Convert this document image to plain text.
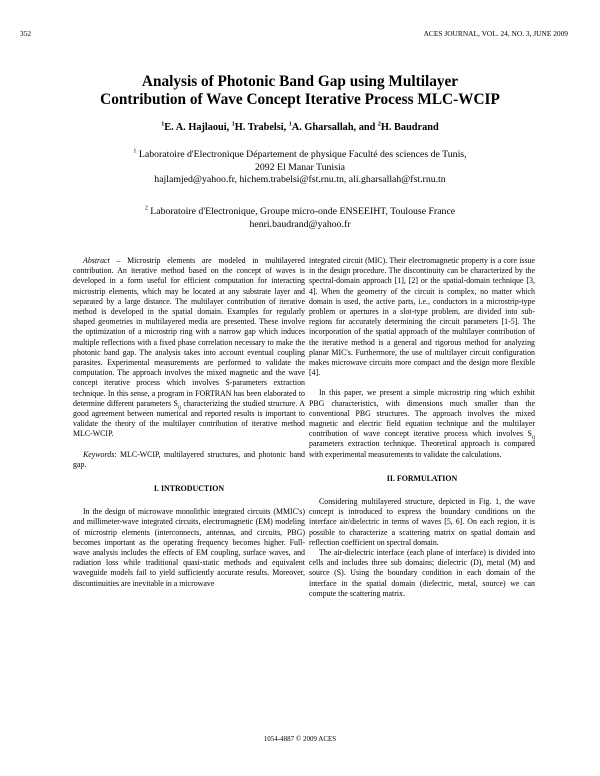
352	ACES JOURNAL, VOL. 24, NO. 3, JUNE 2009
Analysis of Photonic Band Gap using Multilayer
Contribution of Wave Concept Iterative Process MLC-WCIP
$^1$E. A. Hajlaoui, $^1$H. Trabelsi, $^1$A. Gharsallah, and $^2$H. Baudrand
$^1$ Laboratoire d'Electronique Département de physique Faculté des sciences de Tunis,
2092 El Manar Tunisia
hajlamjed@yahoo.fr, hichem.trabelsi@fst.rnu.tn, ali.gharsallah@fst.rnu.tn
$^2$ Laboratoire d'Electronique, Groupe micro-onde ENSEEIHT, Toulouse France
henri.baudrand@yahoo.fr

Abstract – Microstrip elements are modeled in multilayered contribution. An iterative method based on the concept of waves is developed in a form useful for efficient computation for interacting microstrip elements, which may be located at any substrate layer and separated by a large distance. The multilayer contribution of iterative method is developed in the spatial domain. Examples for regularly shaped geometries in multilayered media are presented. These involve the optimization of a microstrip ring with a narrow gap which induces multiple reflections with a fixed phase correlation necessary to make the photonic band gap. The analysis takes into account eventual coupling parasites. Experimental measurements are performed to validate the computation. The approach involves the mixed magnetic and the wave concept iterative process which involves S-parameters extraction technique. In this sense, a program in FORTRAN has been elaborated to determine different parameters $S_{ij}$ characterizing the studied structure. A good agreement between numerical and reported results is important to validate the theory of the multilayer contribution of iterative method MLC-WCIP.

Keywords: MLC-WCIP, multilayered structures, and photonic band gap.

I. INTRODUCTION

In the design of microwave monolithic integrated circuits (MMIC's) and millimeter-wave integrated circuits, electromagnetic (EM) modeling of microstrip elements (interconnects, antennas, and circuits, PBG) becomes important as the operating frequency becomes higher. Full-wave analysis includes the effects of EM coupling, surface waves, and radiation loss while traditional quasi-static methods and equivalent waveguide models fail to yield sufficiently accurate results. Moreover, discontinuities are inevitable in a microwave

integrated circuit (MIC). Their electromagnetic property is a core issue in the design procedure. The discontinuity can be characterized by the spectral-domain approach [1], [2] or the spatial-domain technique [3, 4]. When the geometry of the circuit is complex, no matter which domain is used, the active parts, i.e., conductors in a microstrip-type problem or apertures in a slot-type problem, are divided into sub-regions for accurately determining the circuit parameters [1-5]. The incorporation of the spatial approach of the multilayer contribution of the iterative method is a general and rigorous method for analyzing planar MIC's. Furthermore, the use of multilayer circuit configuration makes microwave circuits more compact and the design more flexible [4].

In this paper, we present a simple microstrip ring which exhibit PBG characteristics, with dimensions much smaller than the conventional PBG structures. The approach involves the mixed magnetic and electric field equation technique and the multilayer contribution of wave concept iterative process which involves $S_{ij}$ parameters extraction technique. Theoretical approach is compared with experimental measurements to validate the calculations.

II. FORMULATION

Considering multilayered structure, depicted in Fig. 1, the wave concept is introduced to express the boundary conditions on the interface air/dielectric in terms of waves [5, 6]. On each region, it is possible to characterize a scattering matrix on spatial domain and reflection coefficient on spectral domain.

The air-dielectric interface (each plane of interface) is divided into cells and includes three sub domains; dielectric (D), metal (M) and source (S). Using the boundary condition in each domain of the interface in the spatial domain (dielectric, metal, source) we can compute the scattering matrix.

1054-4887 © 2009 ACES
